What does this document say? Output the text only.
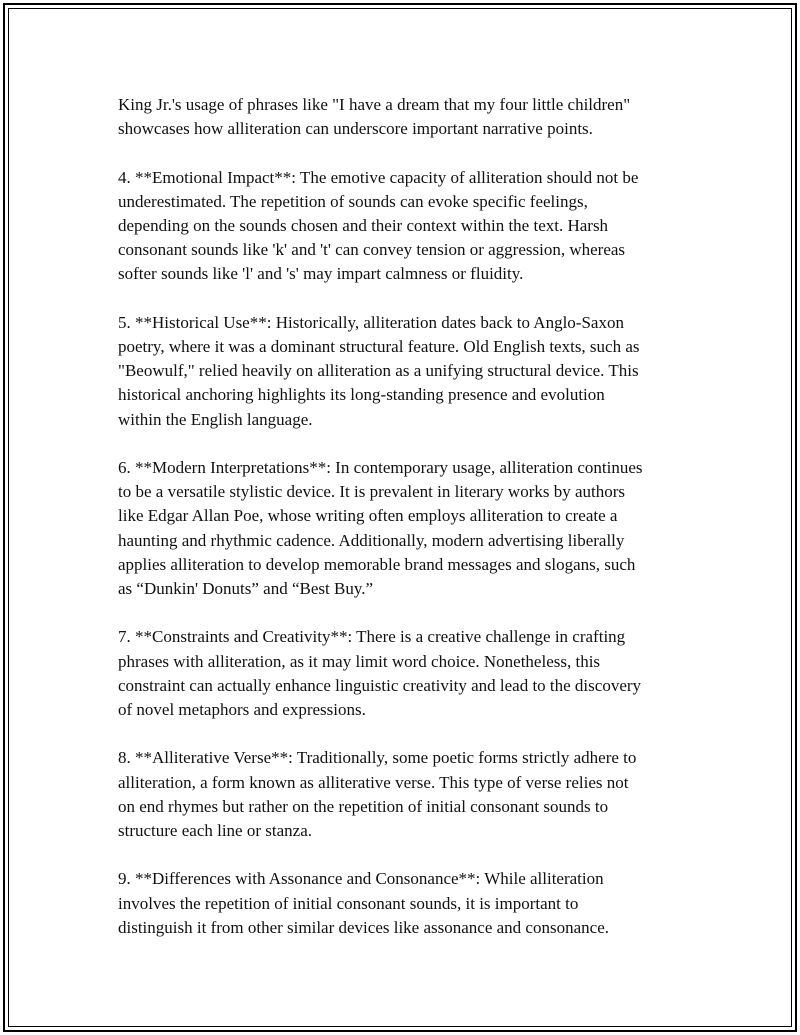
King Jr.'s usage of phrases like "I have a dream that my four little children"
showcases how alliteration can underscore important narrative points.
4. **Emotional Impact**: The emotive capacity of alliteration should not be
underestimated. The repetition of sounds can evoke specific feelings,
depending on the sounds chosen and their context within the text. Harsh
consonant sounds like 'k' and 't' can convey tension or aggression, whereas
softer sounds like 'l' and 's' may impart calmness or fluidity.
5. **Historical Use**: Historically, alliteration dates back to Anglo-Saxon
poetry, where it was a dominant structural feature. Old English texts, such as
"Beowulf," relied heavily on alliteration as a unifying structural device. This
historical anchoring highlights its long-standing presence and evolution
within the English language.
6. **Modern Interpretations**: In contemporary usage, alliteration continues
to be a versatile stylistic device. It is prevalent in literary works by authors
like Edgar Allan Poe, whose writing often employs alliteration to create a
haunting and rhythmic cadence. Additionally, modern advertising liberally
applies alliteration to develop memorable brand messages and slogans, such
as “Dunkin' Donuts” and “Best Buy.”
7. **Constraints and Creativity**: There is a creative challenge in crafting
phrases with alliteration, as it may limit word choice. Nonetheless, this
constraint can actually enhance linguistic creativity and lead to the discovery
of novel metaphors and expressions.
8. **Alliterative Verse**: Traditionally, some poetic forms strictly adhere to
alliteration, a form known as alliterative verse. This type of verse relies not
on end rhymes but rather on the repetition of initial consonant sounds to
structure each line or stanza.
9. **Differences with Assonance and Consonance**: While alliteration
involves the repetition of initial consonant sounds, it is important to
distinguish it from other similar devices like assonance and consonance.
